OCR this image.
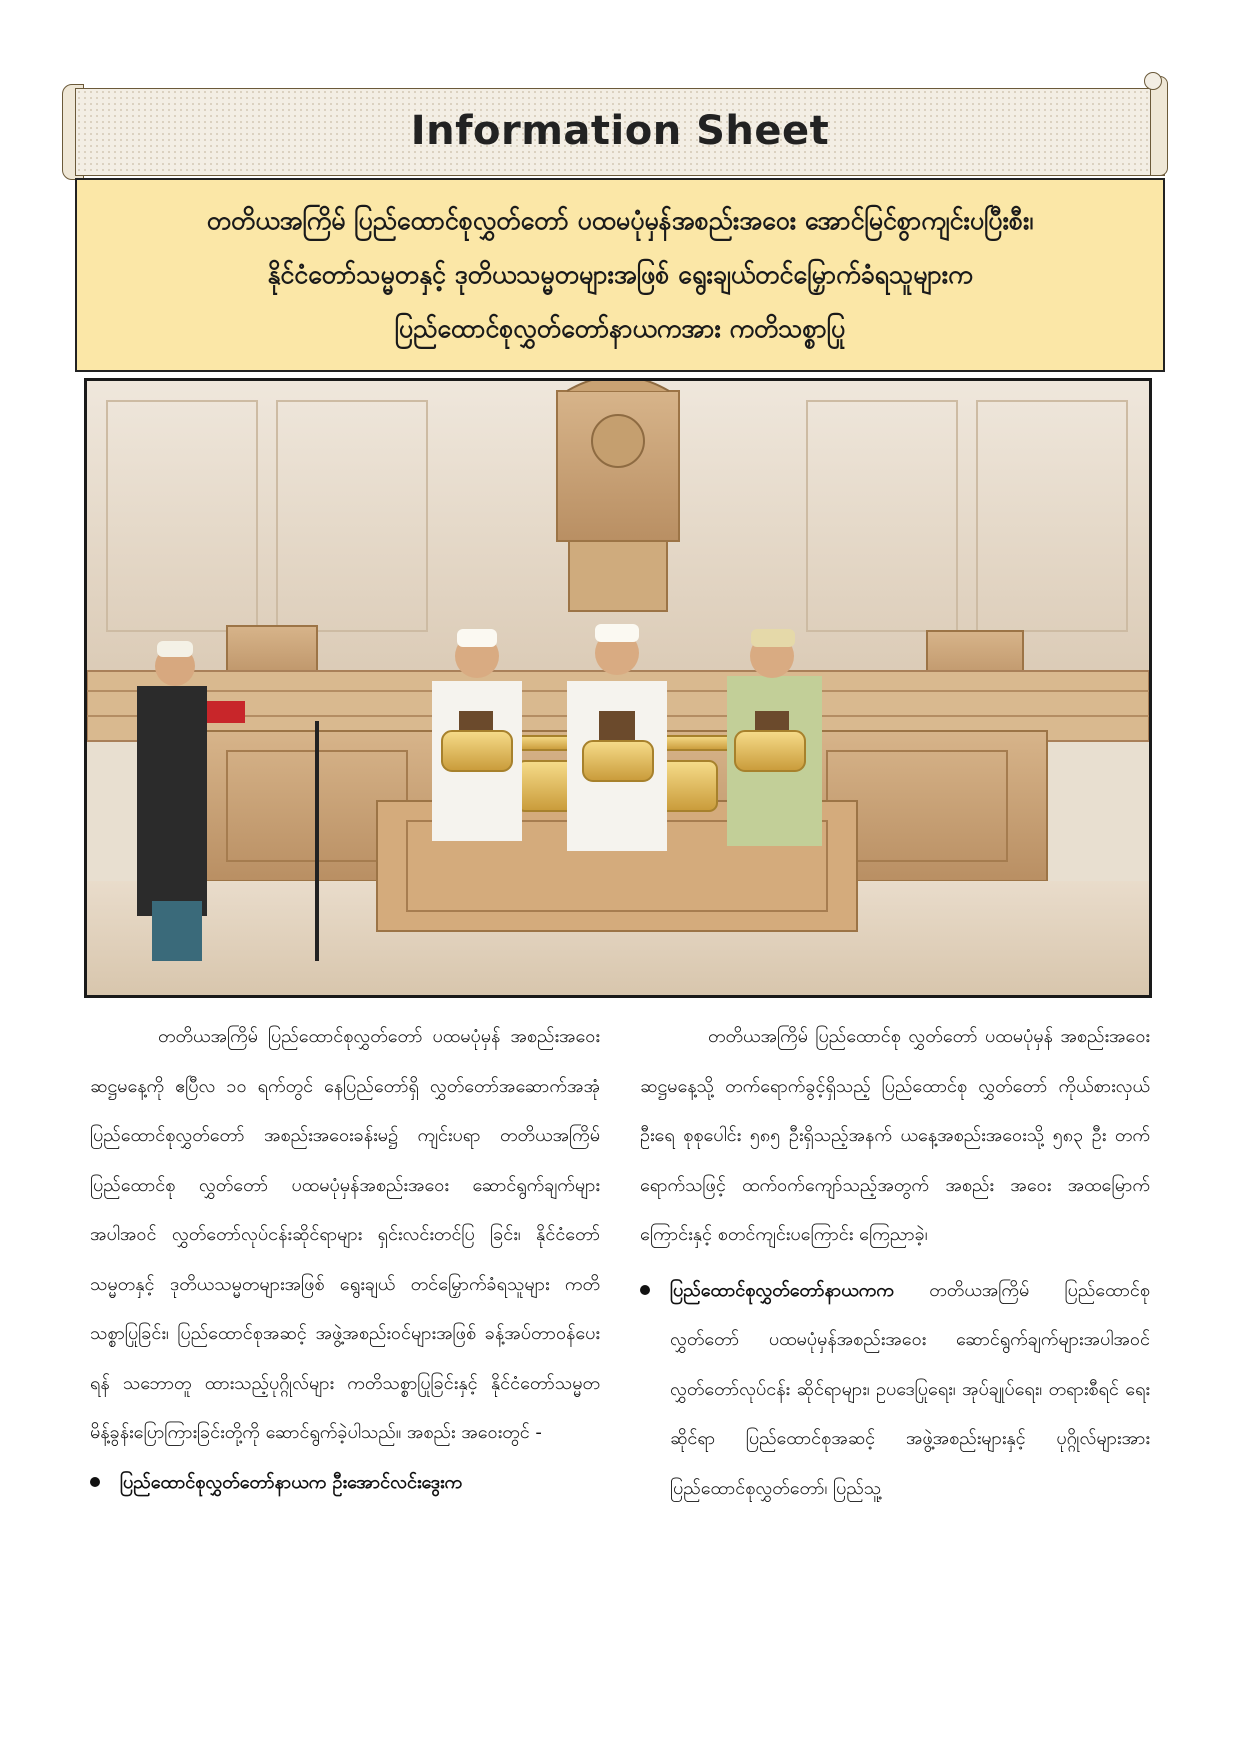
Information Sheet
တတိယအကြိမ် ပြည်ထောင်စုလွှတ်တော် ပထမပုံမှန်အစည်းအဝေး အောင်မြင်စွာကျင်းပပြီးစီး၊
နိုင်ငံတော်သမ္မတနှင့် ဒုတိယသမ္မတများအဖြစ် ရွေးချယ်တင်မြှောက်ခံရသူများက
ပြည်ထောင်စုလွှတ်တော်နာယကအား ကတိသစ္စာပြု

တတိယအကြိမ် ပြည်ထောင်စုလွှတ်တော် ပထမပုံမှန် အစည်းအဝေးဆဋ္ဌမနေ့ကို ဧပြီလ ၁၀ ရက်တွင် နေပြည်တော်ရှိ လွှတ်တော်အဆောက်အအုံ ပြည်ထောင်စုလွှတ်တော် အစည်းအဝေးခန်းမ၌ ကျင်းပရာ တတိယအကြိမ် ပြည်ထောင်စု လွှတ်တော် ပထမပုံမှန်အစည်းအဝေး ဆောင်ရွက်ချက်များ အပါအဝင် လွှတ်တော်လုပ်ငန်းဆိုင်ရာများ ရှင်းလင်းတင်ပြ ခြင်း၊ နိုင်ငံတော်သမ္မတနှင့် ဒုတိယသမ္မတများအဖြစ် ရွေးချယ် တင်မြှောက်ခံရသူများ ကတိသစ္စာပြုခြင်း၊ ပြည်ထောင်စုအဆင့် အဖွဲ့အစည်းဝင်များအဖြစ် ခန့်အပ်တာဝန်ပေးရန် သဘောတူ ထားသည့်ပုဂ္ဂိုလ်များ ကတိသစ္စာပြုခြင်းနှင့် နိုင်ငံတော်သမ္မတ မိန့်ခွန်းပြောကြားခြင်းတို့ကို ဆောင်ရွက်ခဲ့ပါသည်။ အစည်း အဝေးတွင် -

ပြည်ထောင်စုလွှတ်တော်နာယက ဦးအောင်လင်းဒွေးက

တတိယအကြိမ် ပြည်ထောင်စု လွှတ်တော် ပထမပုံမှန် အစည်းအဝေး ဆဋ္ဌမနေ့သို့ တက်ရောက်ခွင့်ရှိသည့် ပြည်ထောင်စု လွှတ်တော် ကိုယ်စားလှယ်ဦးရေ စုစုပေါင်း ၅၈၅ ဦးရှိသည့်အနက် ယနေ့အစည်းအဝေးသို့ ၅၈၃ ဦး တက်ရောက်သဖြင့် ထက်ဝက်ကျော်သည့်အတွက် အစည်း အဝေး အထမြောက်ကြောင်းနှင့် စတင်ကျင်းပကြောင်း ကြေညာခဲ့၊

ပြည်ထောင်စုလွှတ်တော်နာယကက တတိယအကြိမ် ပြည်ထောင်စုလွှတ်တော် ပထမပုံမှန်အစည်းအဝေး ဆောင်ရွက်ချက်များအပါအဝင် လွှတ်တော်လုပ်ငန်း ဆိုင်ရာများ၊ ဥပဒေပြုရေး၊ အုပ်ချုပ်ရေး၊ တရားစီရင် ရေးဆိုင်ရာ ပြည်ထောင်စုအဆင့် အဖွဲ့အစည်းများနှင့် ပုဂ္ဂိုလ်များအား ပြည်ထောင်စုလွှတ်တော်၊ ပြည်သူ့
